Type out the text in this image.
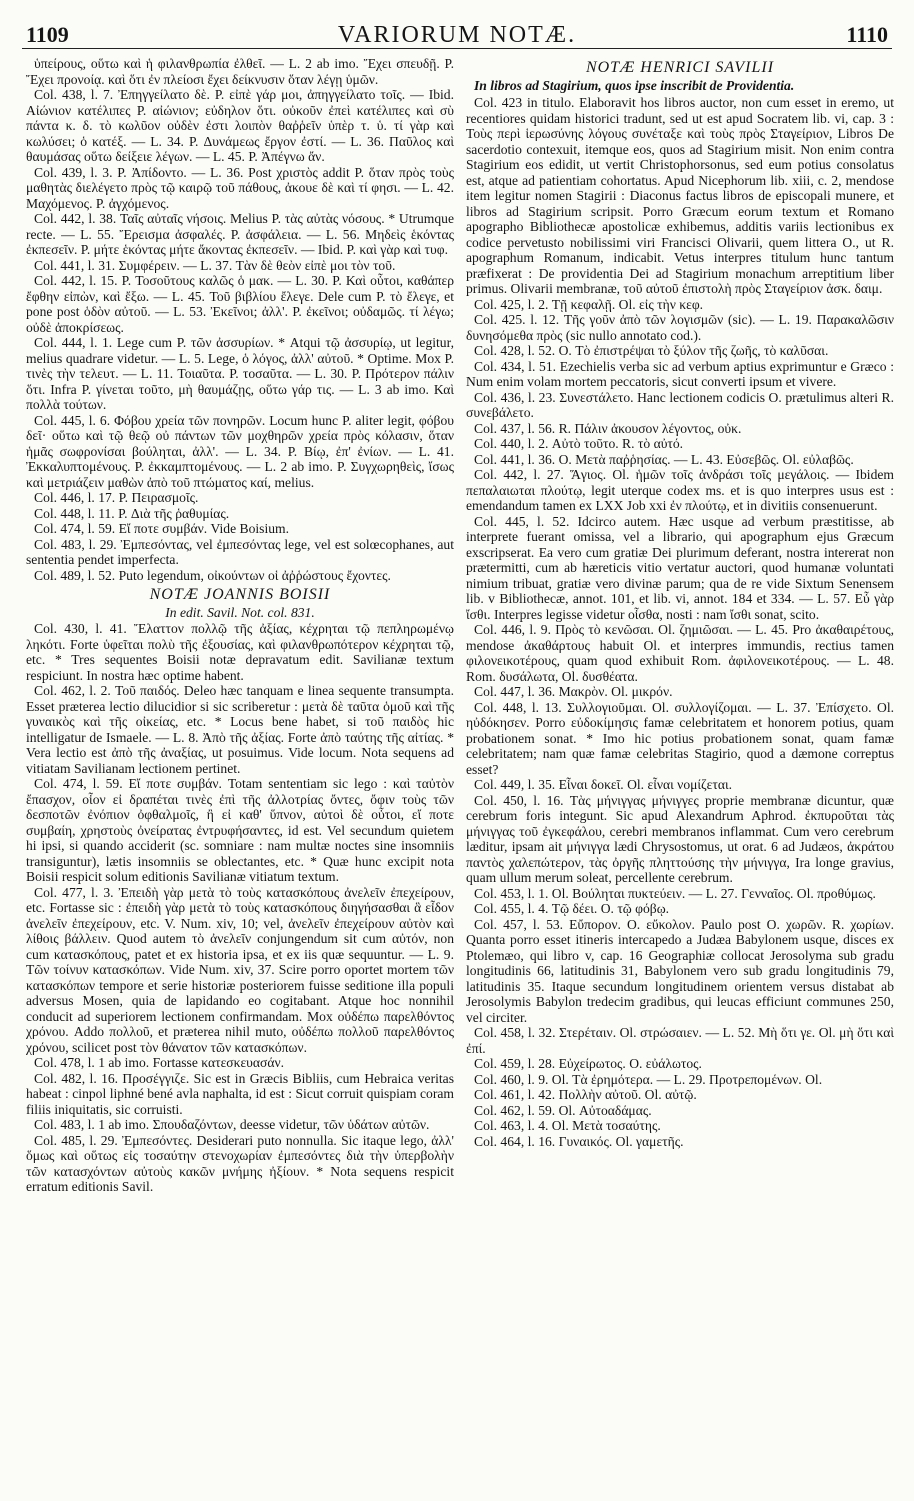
1109	VARIORUM NOTÆ.	1110

ὑπείρους, οὕτω καὶ ἡ φιλανθρωπία ἐλθεῖ. — L. 2 ab imo. Ἔχει σπευδῇ. P. Ἔχει προνοίᾳ. καὶ ὅτι ἐν πλείοσι ἔχει δείκνυσιν ὅταν λέγῃ ὑμῶν.

Col. 438, l. 7. Ἐπηγγείλατο δὲ. P. εἰπὲ γάρ μοι, ἀπηγγείλατο τοῖς. — Ibid. Αἰώνιον κατέλιπες P. αἰώνιον; εὐδηλον ὅτι. οὐκοῦν ἐπεὶ κατέλιπες καὶ σὺ πάντα κ. δ. τὸ κωλῦον οὐδὲν ἐστι λοιπὸν θαῤῥεῖν ὑπὲρ τ. ὑ. τί γὰρ καὶ κωλύσει; ὁ κατέξ. — L. 34. P. Δυνάμεως ἔργον ἐστί. — L. 36. Παῦλος καὶ θαυμάσας οὕτω δείξειε λέγων. — L. 45. P. Ἀπέγνω ἄν.

Col. 439, l. 3. P. Ἀπίδοντο. — L. 36. Post χριστὸς addit P. ὅταν πρὸς τοὺς μαθητὰς διελέγετο πρὸς τῷ καιρῷ τοῦ πάθους, ἀκουε δὲ καὶ τί φησι. — L. 42. Μαχόμενος. P. ἀγχόμενος.

Col. 442, l. 38. Ταῖς αὐταῖς νήσοις. Melius P. τὰς αὐτὰς νόσους. * Utrumque recte. — L. 55. Ἔρεισμα ἀσφαλές. P. ἀσφάλεια. — L. 56. Μηδεὶς ἑκόντας ἐκπεσεῖν. P. μήτε ἑκόντας μήτε ἄκοντας ἐκπεσεῖν. — Ibid. P. καὶ γὰρ καὶ τυφ.

Col. 441, l. 31. Συμφέρειν. — L. 37. Τὰν δὲ θεὸν εἰπὲ μοι τὸν τοῦ.

Col. 442, l. 15. P. Τοσοῦτους καλῶς ὁ μακ. — L. 30. P. Καὶ οὗτοι, καθάπερ ἔφθην εἰπὼν, καὶ ἔξω. — L. 45. Τοῦ βιβλίου ἔλεγε. Dele cum P. τὸ ἔλεγε, et pone post ὁδὸν αὐτοῦ. — L. 53. Ἐκεῖνοι; ἀλλ'. P. ἐκεῖνοι; οὐδαμῶς. τί λέγω; οὐδὲ ἀποκρίσεως.

Col. 444, l. 1. Lege cum P. τῶν ἀσσυρίων. * Atqui τῷ ἀσσυρίῳ, ut legitur, melius quadrare videtur. — L. 5. Lege, ὁ λόγος, ἀλλ' αὐτοῦ. * Optime. Mox P. τινὲς τὴν τελευτ. — L. 11. Τοιαῦτα. P. τοσαῦτα. — L. 30. P. Πρότερον πάλιν ὅτι. Infra P. γίνεται τοῦτο, μὴ θαυμάζῃς, οὕτω γάρ τις. — L. 3 ab imo. Καὶ πολλὰ τούτων.

Col. 445, l. 6. Φόβου χρεία τῶν πονηρῶν. Locum hunc P. aliter legit, φόβου δεῖ· οὕτω καὶ τῷ θεῷ οὐ πάντων τῶν μοχθηρῶν χρεία πρὸς κόλασιν, ὅταν ἡμᾶς σωφρονίσαι βούληται, ἀλλ'. — L. 34. P. Βίῳ, ἐπ' ἐνίων. — L. 41. Ἐκκαλυπτομένους. P. ἐκκαμπτομένους. — L. 2 ab imo. P. Συγχωρηθεὶς, ἴσως καὶ μετριάζειν μαθὼν ἀπὸ τοῦ πτώματος καί, melius.

Col. 446, l. 17. P. Πειρασμοῖς.

Col. 448, l. 11. P. Διὰ τῆς ῥαθυμίας.

Col. 474, l. 59. Εἴ ποτε συμβάν. Vide Boisium.

Col. 483, l. 29. Ἐμπεσόντας, vel ἐμπεσόντας lege, vel est solœcophanes, aut sententia pendet imperfecta.

Col. 489, l. 52. Puto legendum, οἰκούντων οἱ ἀῤῥώστους ἔχοντες.

NOTÆ JOANNIS BOISII

In edit. Savil. Not. col. 831.

Col. 430, l. 41. Ἔλαττον πολλῷ τῆς ἀξίας, κέχρηται τῷ πεπληρωμένῳ ληκότι. Forte ὑφεῖται πολὺ τῆς ἐξουσίας, καὶ φιλανθρωπότερον κέχρηται τῷ, etc. * Tres sequentes Boisii notæ depravatum edit. Savilianæ textum respiciunt. In nostra hæc optime habent.

Col. 462, l. 2. Τοῦ παιδός. Deleo hæc tanquam e linea sequente transumpta. Esset præterea lectio dilucidior si sic scriberetur : μετὰ δὲ ταῦτα ὁμοῦ καὶ τῆς γυναικὸς καὶ τῆς οἰκείας, etc. * Locus bene habet, si τοῦ παιδὸς hic intelligatur de Ismaele. — L. 8. Ἀπὸ τῆς ἀξίας. Forte ἀπὸ ταύτης τῆς αἰτίας. * Vera lectio est ἀπὸ τῆς ἀναξίας, ut posuimus. Vide locum. Nota sequens ad vitiatam Savilianam lectionem pertinet.

Col. 474, l. 59. Εἴ ποτε συμβάν. Totam sententiam sic lego : καὶ ταὐτὸν ἔπασχον, οἷον εἰ δραπέται τινὲς ἐπὶ τῆς ἀλλοτρίας ὄντες, ὄφιν τοὺς τῶν δεσποτῶν ἐνόπιον ὀφθαλμοῖς, ἢ εἰ καθ' ὕπνον, αὐτοὶ δὲ οὗτοι, εἴ ποτε συμβαίη, χρηστοὺς ὀνείρατας ἐντρυφήσαντες, id est. Vel secundum quietem hi ipsi, si quando acciderit (sc. somniare : nam multæ noctes sine insomniis transiguntur), lætis insomniis se oblectantes, etc. * Quæ hunc excipit nota Boisii respicit solum editionis Savilianæ vitiatum textum.

Col. 477, l. 3. Ἐπειδὴ γὰρ μετὰ τὸ τοὺς κατασκόπους ἀνελεῖν ἐπεχείρουν, etc. Fortasse sic : ἐπειδὴ γὰρ μετὰ τὸ τοὺς κατασκόπους διηγήσασθαι ἃ εἶδον ἀνελεῖν ἐπεχείρουν, etc. V. Num. xiv, 10; vel, ἀνελεῖν ἐπεχείρουν αὐτὸν καὶ λίθοις βάλλειν. Quod autem τὸ ἀνελεῖν conjungendum sit cum αὐτόν, non cum κατασκόπους, patet et ex historia ipsa, et ex iis quæ sequuntur. — L. 9. Τῶν τοίνυν κατασκόπων. Vide Num. xiv, 37. Scire porro oportet mortem τῶν κατασκόπων tempore et serie historiæ posteriorem fuisse seditione illa populi adversus Mosen, quia de lapidando eo cogitabant. Atque hoc nonnihil conducit ad superiorem lectionem confirmandam. Mox οὐδέπω παρελθόντος χρόνου. Addo πολλοῦ, et præterea nihil muto, οὐδέπω πολλοῦ παρελθόντος χρόνου, scilicet post τὸν θάνατον τῶν κατασκόπων.

Col. 478, l. 1 ab imo. Fortasse κατεσκευασάν.

Col. 482, l. 16. Προσέγγιζε. Sic est in Græcis Bibliis, cum Hebraica veritas habeat : cinpol liphné bené avla naphalta, id est : Sicut corruit quispiam coram filiis iniquitatis, sic corruisti.

Col. 483, l. 1 ab imo. Σπουδαζόντων, deesse videtur, τῶν ὑδάτων αὐτῶν.

Col. 485, l. 29. Ἐμπεσόντες. Desiderari puto nonnulla. Sic itaque lego, ἀλλ' ὅμως καὶ οὕτως εἰς τοσαύτην στενοχωρίαν ἐμπεσόντες διὰ τὴν ὑπερβολὴν τῶν κατασχόντων αὐτοὺς κακῶν μνήμης ἠξίουν. * Nota sequens respicit erratum editionis Savil.

NOTÆ HENRICI SAVILII

In libros ad Stagirium, quos ipse inscribit de Providentia.

Col. 423 in titulo. Elaboravit hos libros auctor, non cum esset in eremo, ut recentiores quidam historici tradunt, sed ut est apud Socratem lib. vi, cap. 3 : Τοὺς περὶ ἱερωσύνης λόγους συνέταξε καὶ τοὺς πρὸς Σταγείριον, Libros De sacerdotio contexuit, itemque eos, quos ad Stagirium misit. Non enim contra Stagirium eos edidit, ut vertit Christophorsonus, sed eum potius consolatus est, atque ad patientiam cohortatus. Apud Nicephorum lib. xiii, c. 2, mendose item legitur nomen Stagirii : Diaconus factus libros de episcopali munere, et libros ad Stagirium scripsit. Porro Græcum eorum textum et Romano apographo Bibliothecæ apostolicæ exhibemus, additis variis lectionibus ex codice pervetusto nobilissimi viri Francisci Olivarii, quem littera O., ut R. apographum Romanum, indicabit. Vetus interpres titulum hunc tantum præfixerat : De providentia Dei ad Stagirium monachum arreptitium liber primus. Olivarii membranæ, τοῦ αὐτοῦ ἐπιστολὴ πρὸς Σταγείριον ἀσκ. δαιμ.

Col. 425, l. 2. Τῇ κεφαλῇ. Ol. εἰς τὴν κεφ.

Col. 425. l. 12. Τῆς γοῦν ἀπὸ τῶν λογισμῶν (sic). — L. 19. Παρακαλῶσιν δυνησόμεθα πρὸς (sic nullo annotato cod.).

Col. 428, l. 52. O. Τὸ ἐπιστρέψαι τὸ ξύλον τῆς ζωῆς, τὸ καλῦσαι.

Col. 434, l. 51. Ezechielis verba sic ad verbum aptius exprimuntur e Græco : Num enim volam mortem peccatoris, sicut converti ipsum et vivere.

Col. 436, l. 23. Συνεστάλετο. Hanc lectionem codicis O. prætulimus alteri R. συνεβάλετο.

Col. 437, l. 56. R. Πάλιν ἀκουσον λέγοντος, οὐκ.

Col. 440, l. 2. Αὐτὸ τοῦτο. R. τὸ αὐτό.

Col. 441, l. 36. O. Μετὰ παῤῥησίας. — L. 43. Εὐσεβῶς. Ol. εὐλαβῶς.

Col. 442, l. 27. Ἅγιος. Ol. ἡμῶν τοῖς ἀνδράσι τοῖς μεγάλοις. — Ibidem πεπαλαιωται πλούτῳ, legit uterque codex ms. et is quo interpres usus est : emendandum tamen ex LXX Job xxi ἐν πλούτῳ, et in divitiis consenuerunt.

Col. 445, l. 52. Idcirco autem. Hæc usque ad verbum præstitisse, ab interprete fuerant omissa, vel a librario, qui apographum ejus Græcum exscripserat. Ea vero cum gratiæ Dei plurimum deferant, nostra intererat non prætermitti, cum ab hæreticis vitio vertatur auctori, quod humanæ voluntati nimium tribuat, gratiæ vero divinæ parum; qua de re vide Sixtum Senensem lib. v Bibliothecæ, annot. 101, et lib. vi, annot. 184 et 334. — L. 57. Εὖ γὰρ ἴσθι. Interpres legisse videtur οἶσθα, nosti : nam ἴσθι sonat, scito.

Col. 446, l. 9. Πρὸς τὸ κενῶσαι. Ol. ζημιῶσαι. — L. 45. Pro ἀκαθαιρέτους, mendose ἀκαθάρτους habuit Ol. et interpres immundis, rectius tamen φιλονεικοτέρους, quam quod exhibuit Rom. ἀφιλονεικοτέρους. — L. 48. Rom. δυσάλωτα, Ol. δυσθέατα.

Col. 447, l. 36. Μακρὸν. Ol. μικρόν.

Col. 448, l. 13. Συλλογιοῦμαι. Ol. συλλογίζομαι. — L. 37. Ἐπίσχετο. Ol. ηὐδόκησεν. Porro εὐδοκίμησις famæ celebritatem et honorem potius, quam probationem sonat. * Imo hic potius probationem sonat, quam famæ celebritatem; nam quæ famæ celebritas Stagirio, quod a dæmone correptus esset?

Col. 449, l. 35. Εἶναι δοκεῖ. Ol. εἶναι νομίζεται.

Col. 450, l. 16. Τὰς μήνιγγας μήνιγγες proprie membranæ dicuntur, quæ cerebrum foris integunt. Sic apud Alexandrum Aphrod. ἐκπυροῦται τὰς μήνιγγας τοῦ ἐγκεφάλου, cerebri membranos inflammat. Cum vero cerebrum læditur, ipsam ait μήνιγγα lædi Chrysostomus, ut orat. 6 ad Judæos, ἀκράτου παντὸς χαλεπώτερον, τὰς ὀργῆς πληττούσης τὴν μήνιγγα, Ira longe gravius, quam ullum merum soleat, percellente cerebrum.

Col. 453, l. 1. Ol. Βούληται πυκτεύειν. — L. 27. Γενναῖος. Ol. προθύμως.

Col. 455, l. 4. Τῷ δέει. O. τῷ φόβῳ.

Col. 457, l. 53. Εὔπορον. O. εὔκολον. Paulo post O. χωρῶν. R. χωρίων. Quanta porro esset itineris intercapedo a Judæa Babylonem usque, disces ex Ptolemæo, qui libro v, cap. 16 Geographiæ collocat Jerosolyma sub gradu longitudinis 66, latitudinis 31, Babylonem vero sub gradu longitudinis 79, latitudinis 35. Itaque secundum longitudinem orientem versus distabat ab Jerosolymis Babylon tredecim gradibus, qui leucas efficiunt communes 250, vel circiter.

Col. 458, l. 32. Στερέταιν. Ol. στρώσαιεν. — L. 52. Μὴ ὅτι γε. Ol. μὴ ὅτι καὶ ἐπί.

Col. 459, l. 28. Εὐχείρωτος. O. εὐάλωτος.

Col. 460, l. 9. Ol. Τὰ ἐρημότερα. — L. 29. Προτρεπομένων. Ol.

Col. 461, l. 42. Πολλὴν αὐτοῦ. Ol. αὐτῷ.

Col. 462, l. 59. Ol. Αὐτοαδάμας.

Col. 463, l. 4. Ol. Μετὰ τοσαύτης.

Col. 464, l. 16. Γυναικός. Ol. γαμετῆς.
